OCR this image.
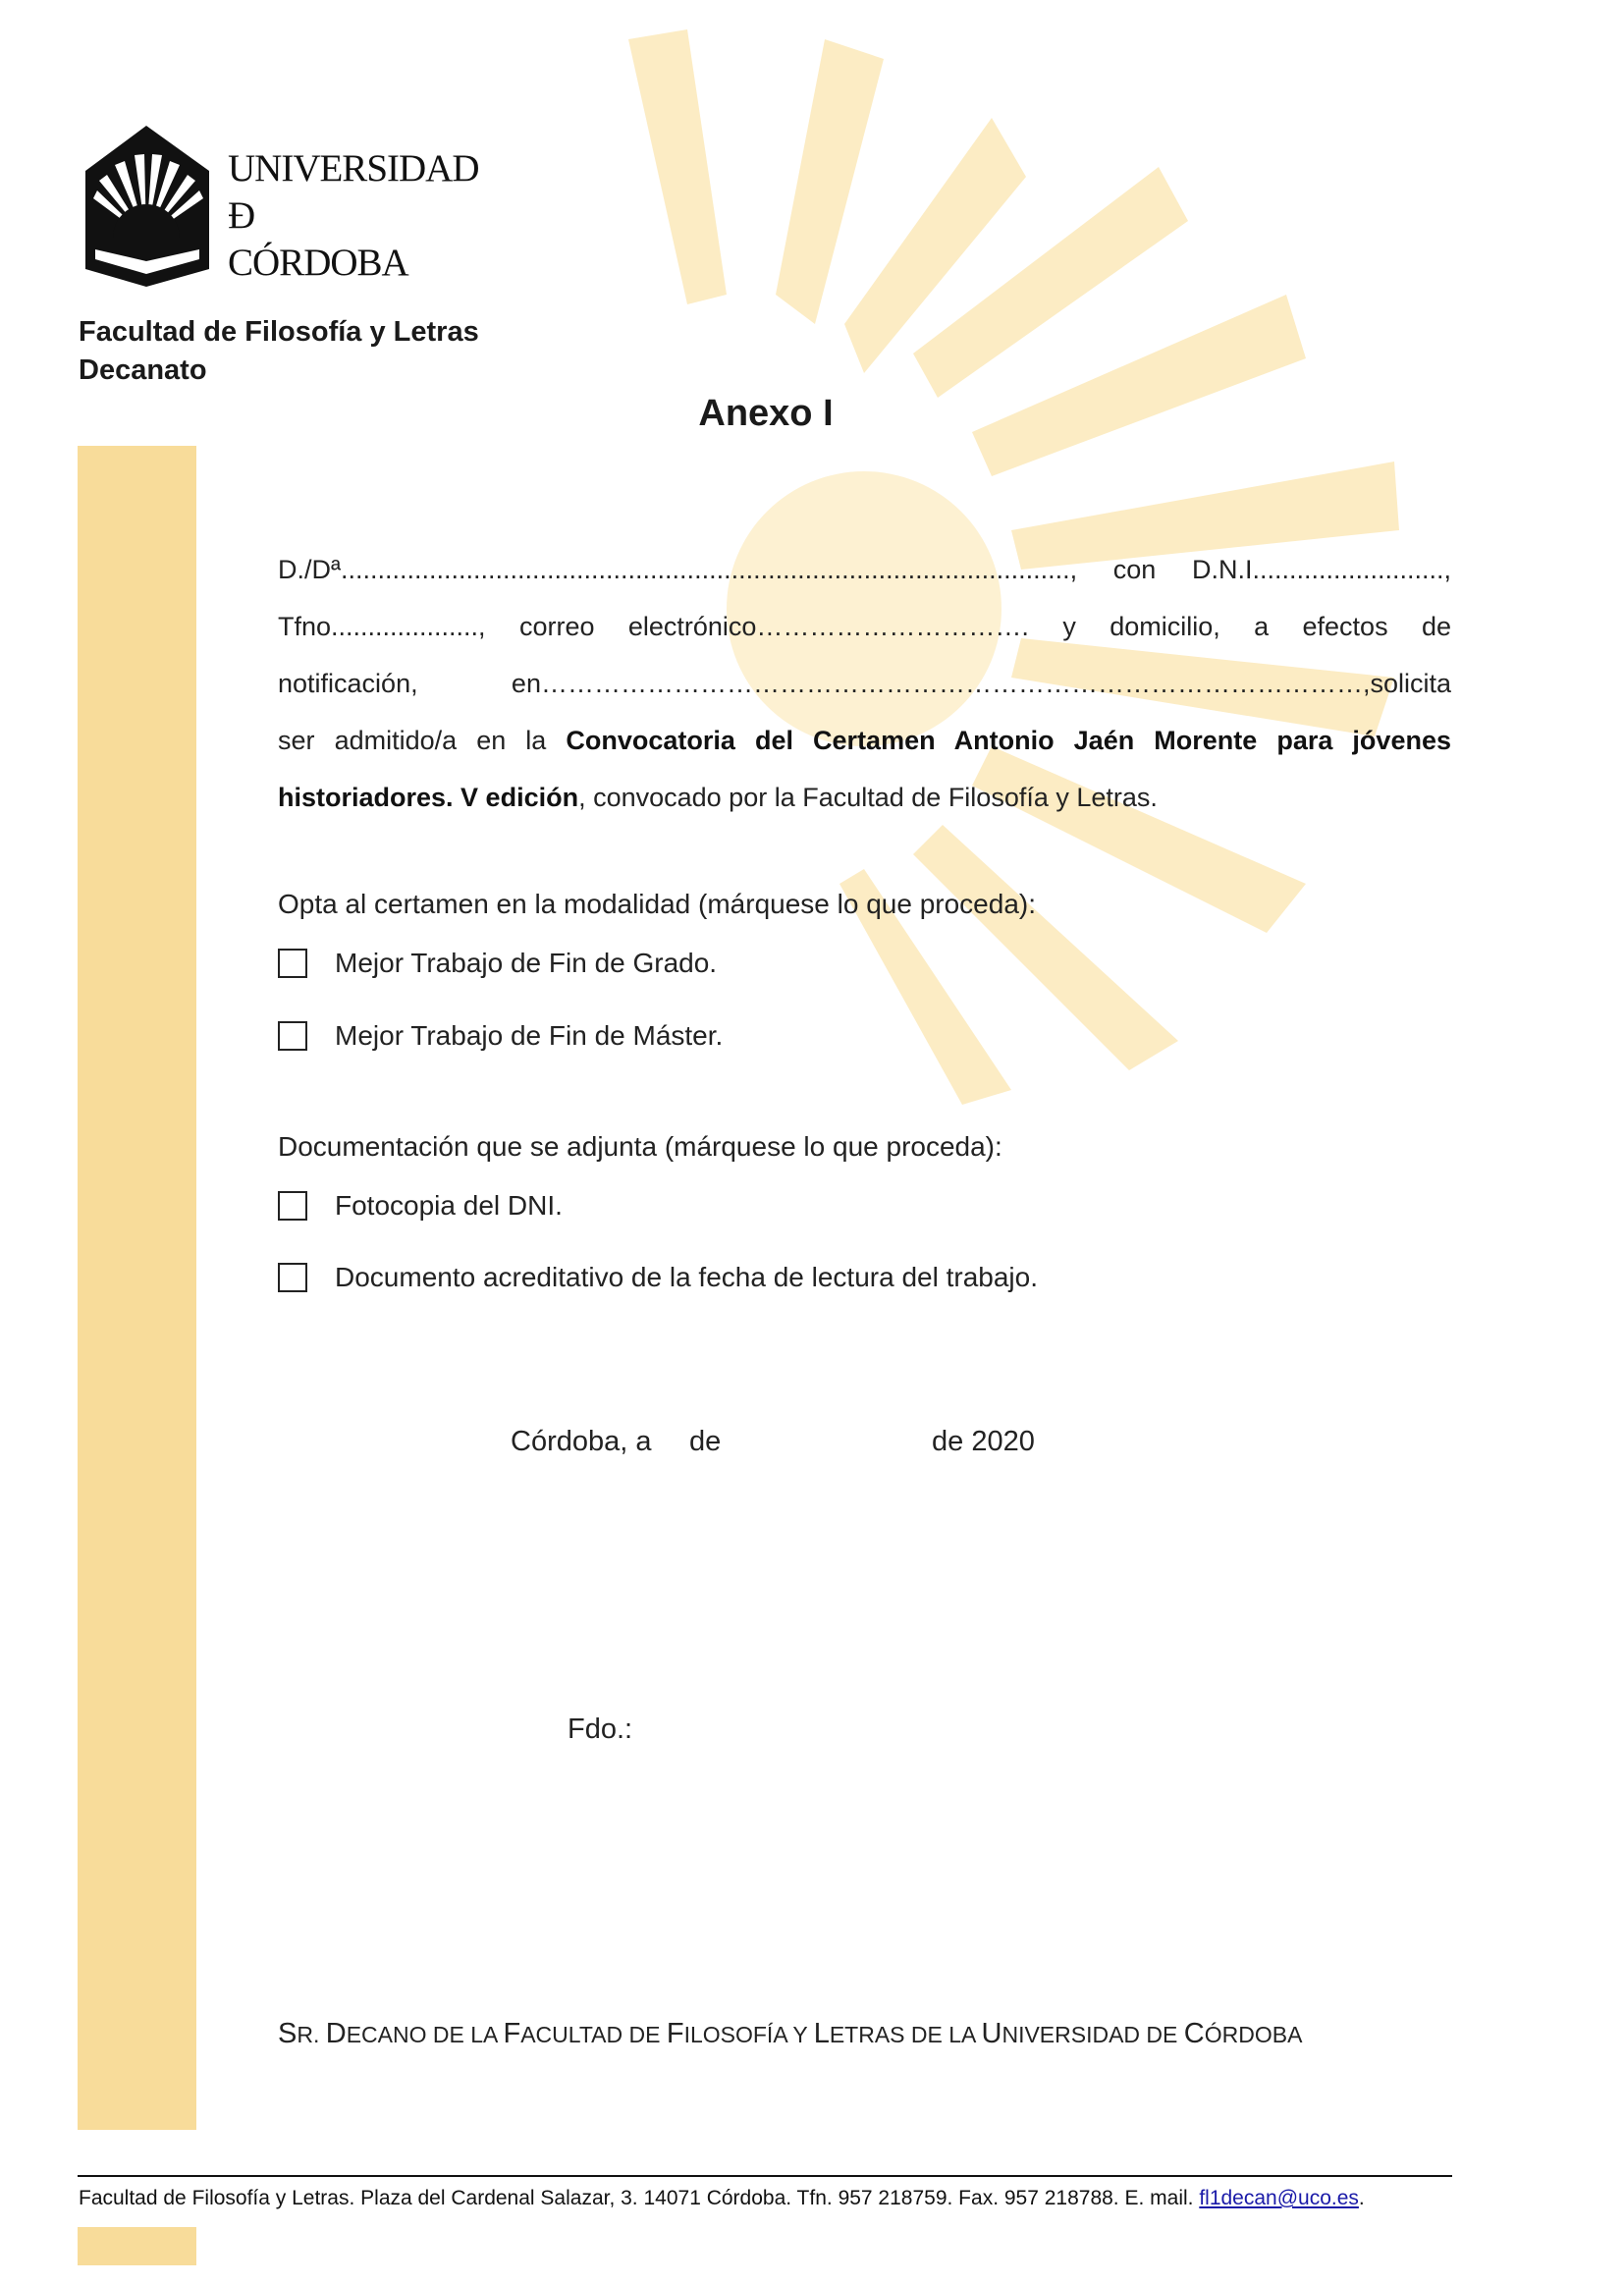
UNIVERSIDAD
Ð
CÓRDOBA
Facultad de Filosofía y Letras
Decanato
Anexo I
D./Dª..................................................................................................., con D.N.I..........................,
Tfno...................., correo electrónico…………………………. y domicilio, a efectos de
notificación, en…………………………………………………………………………………,solicita
ser admitido/a en la Convocatoria del Certamen Antonio Jaén Morente para jóvenes historiadores. V edición, convocado por la Facultad de Filosofía y Letras.
Opta al certamen en la modalidad (márquese lo que proceda):
Mejor Trabajo de Fin de Grado.
Mejor Trabajo de Fin de Máster.
Documentación que se adjunta (márquese lo que proceda):
Fotocopia del DNI.
Documento acreditativo de la fecha de lectura del trabajo.
Córdoba, a de	de 2020
Fdo.:
SR. DECANO DE LA FACULTAD DE FILOSOFÍA Y LETRAS DE LA UNIVERSIDAD DE CÓRDOBA
Facultad de Filosofía y Letras. Plaza del Cardenal Salazar, 3. 14071 Córdoba. Tfn. 957 218759. Fax. 957 218788. E. mail. fl1decan@uco.es.
